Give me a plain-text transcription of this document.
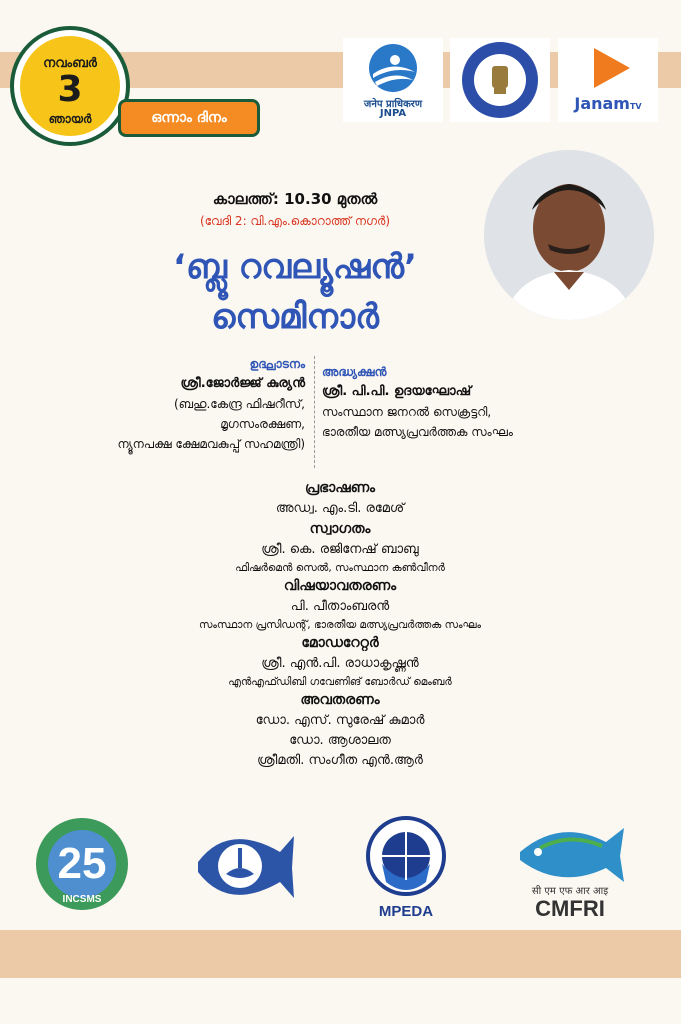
നവംബർ
3
ഞായർ	ഒന്നാം ദിനം
जनेप प्राधिकरण
JNPA
JanamTV
കാലത്ത്: 10.30 മുതൽ
(വേദി 2: വി.എം.കൊറാത്ത് നഗർ)
‘ബ്ലൂ റവല്യൂഷൻ’
സെമിനാർ
ഉദ്ഘാടനം
ശ്രീ.ജോർജ്ജ് കുര്യൻ
(ബഹു.കേന്ദ്ര ഫിഷറീസ്,
മൃഗസംരക്ഷണ,
ന്യൂനപക്ഷ ക്ഷേമവകുപ്പ് സഹമന്ത്രി)
അദ്ധ്യക്ഷൻ
ശ്രീ. പി.പി. ഉദയഘോഷ്
സംസ്ഥാന ജനറൽ സെക്രട്ടറി,
ഭാരതീയ മത്സ്യപ്രവർത്തക സംഘം
പ്രഭാഷണം
അഡ്വ. എം.ടി. രമേശ്
സ്വാഗതം
ശ്രീ. കെ. രജിനേഷ് ബാബു
ഫിഷർമെൻ സെൽ, സംസ്ഥാന കൺവീനർ
വിഷയാവതരണം
പി. പീതാംബരൻ
സംസ്ഥാന പ്രസിഡന്റ്, ഭാരതീയ മത്സ്യപ്രവർത്തക സംഘം
മോഡറേറ്റർ
ശ്രീ. എൻ.പി. രാധാകൃഷ്ണൻ
എൻഎഫ്ഡിബി ഗവേണിങ് ബോർഡ് മെംബർ
അവതരണം
ഡോ. എസ്. സുരേഷ് കുമാർ
ഡോ. ആശാലത
ശ്രീമതി. സംഗീത എൻ.ആർ
25
INCSMS
MPEDA
सी एम एफ आर आइ
CMFRI
